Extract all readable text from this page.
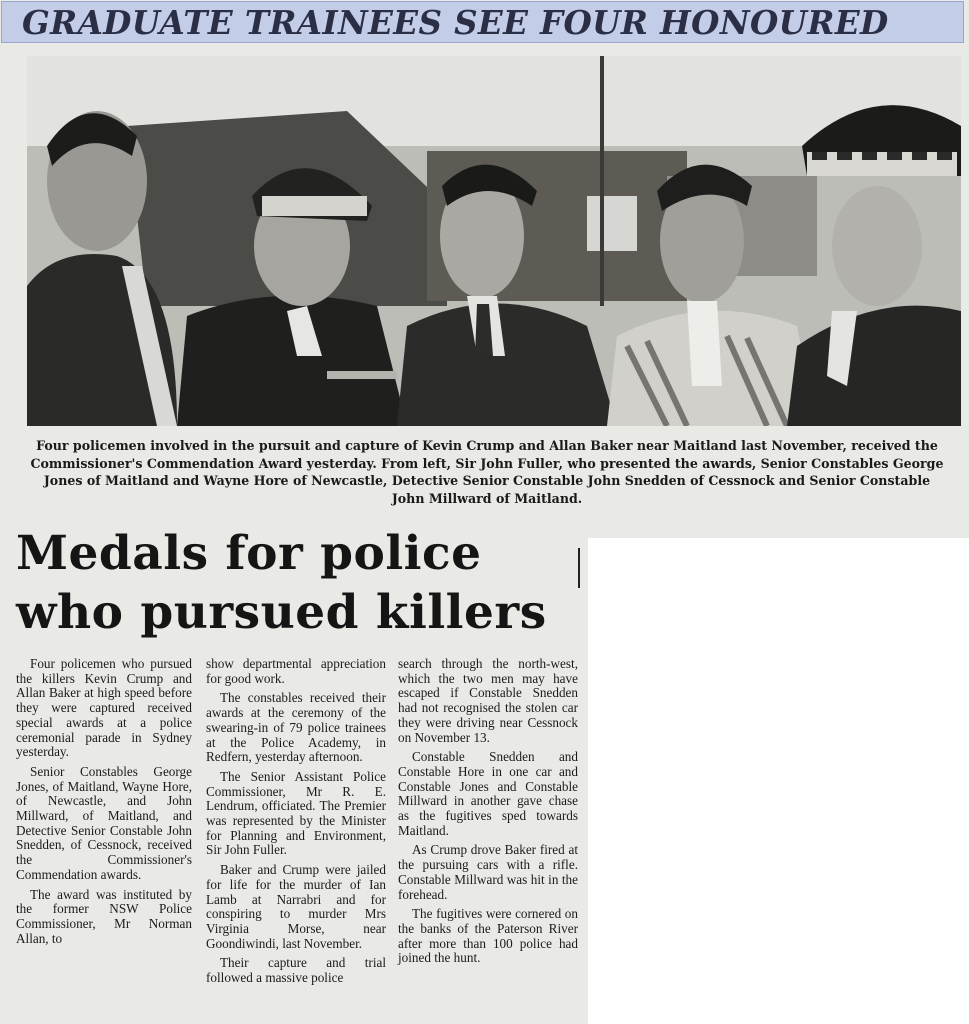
GRADUATE TRAINEES SEE FOUR HONOURED
Four policemen involved in the pursuit and capture of Kevin Crump and Allan Baker near Maitland last November, received the Commissioner's Commendation Award yesterday. From left, Sir John Fuller, who presented the awards, Senior Constables George Jones of Maitland and Wayne Hore of Newcastle, Detective Senior Constable John Snedden of Cessnock and Senior Constable John Millward of Maitland.
Medals for police who pursued killers

Four policemen who pursued the killers Kevin Crump and Allan Baker at high speed before they were captured received special awards at a police ceremonial parade in Sydney yesterday.

Senior Constables George Jones, of Maitland, Wayne Hore, of Newcastle, and John Millward, of Maitland, and Detective Senior Constable John Snedden, of Cessnock, received the Commissioner's Commendation awards.

The award was instituted by the former NSW Police Commissioner, Mr Norman Allan, to

show departmental appreciation for good work.

The constables received their awards at the ceremony of the swearing-in of 79 police trainees at the Police Academy, in Redfern, yesterday afternoon.

The Senior Assistant Police Commissioner, Mr R. E. Lendrum, officiated. The Premier was represented by the Minister for Planning and Environment, Sir John Fuller.

Baker and Crump were jailed for life for the murder of Ian Lamb at Narrabri and for conspiring to murder Mrs Virginia Morse, near Goondiwindi, last November.

Their capture and trial followed a massive police

search through the north-west, which the two men may have escaped if Constable Snedden had not recognised the stolen car they were driving near Cessnock on November 13.

Constable Snedden and Constable Hore in one car and Constable Jones and Constable Millward in another gave chase as the fugitives sped towards Maitland.

As Crump drove Baker fired at the pursuing cars with a rifle. Constable Millward was hit in the forehead.

The fugitives were cornered on the banks of the Paterson River after more than 100 police had joined the hunt.
